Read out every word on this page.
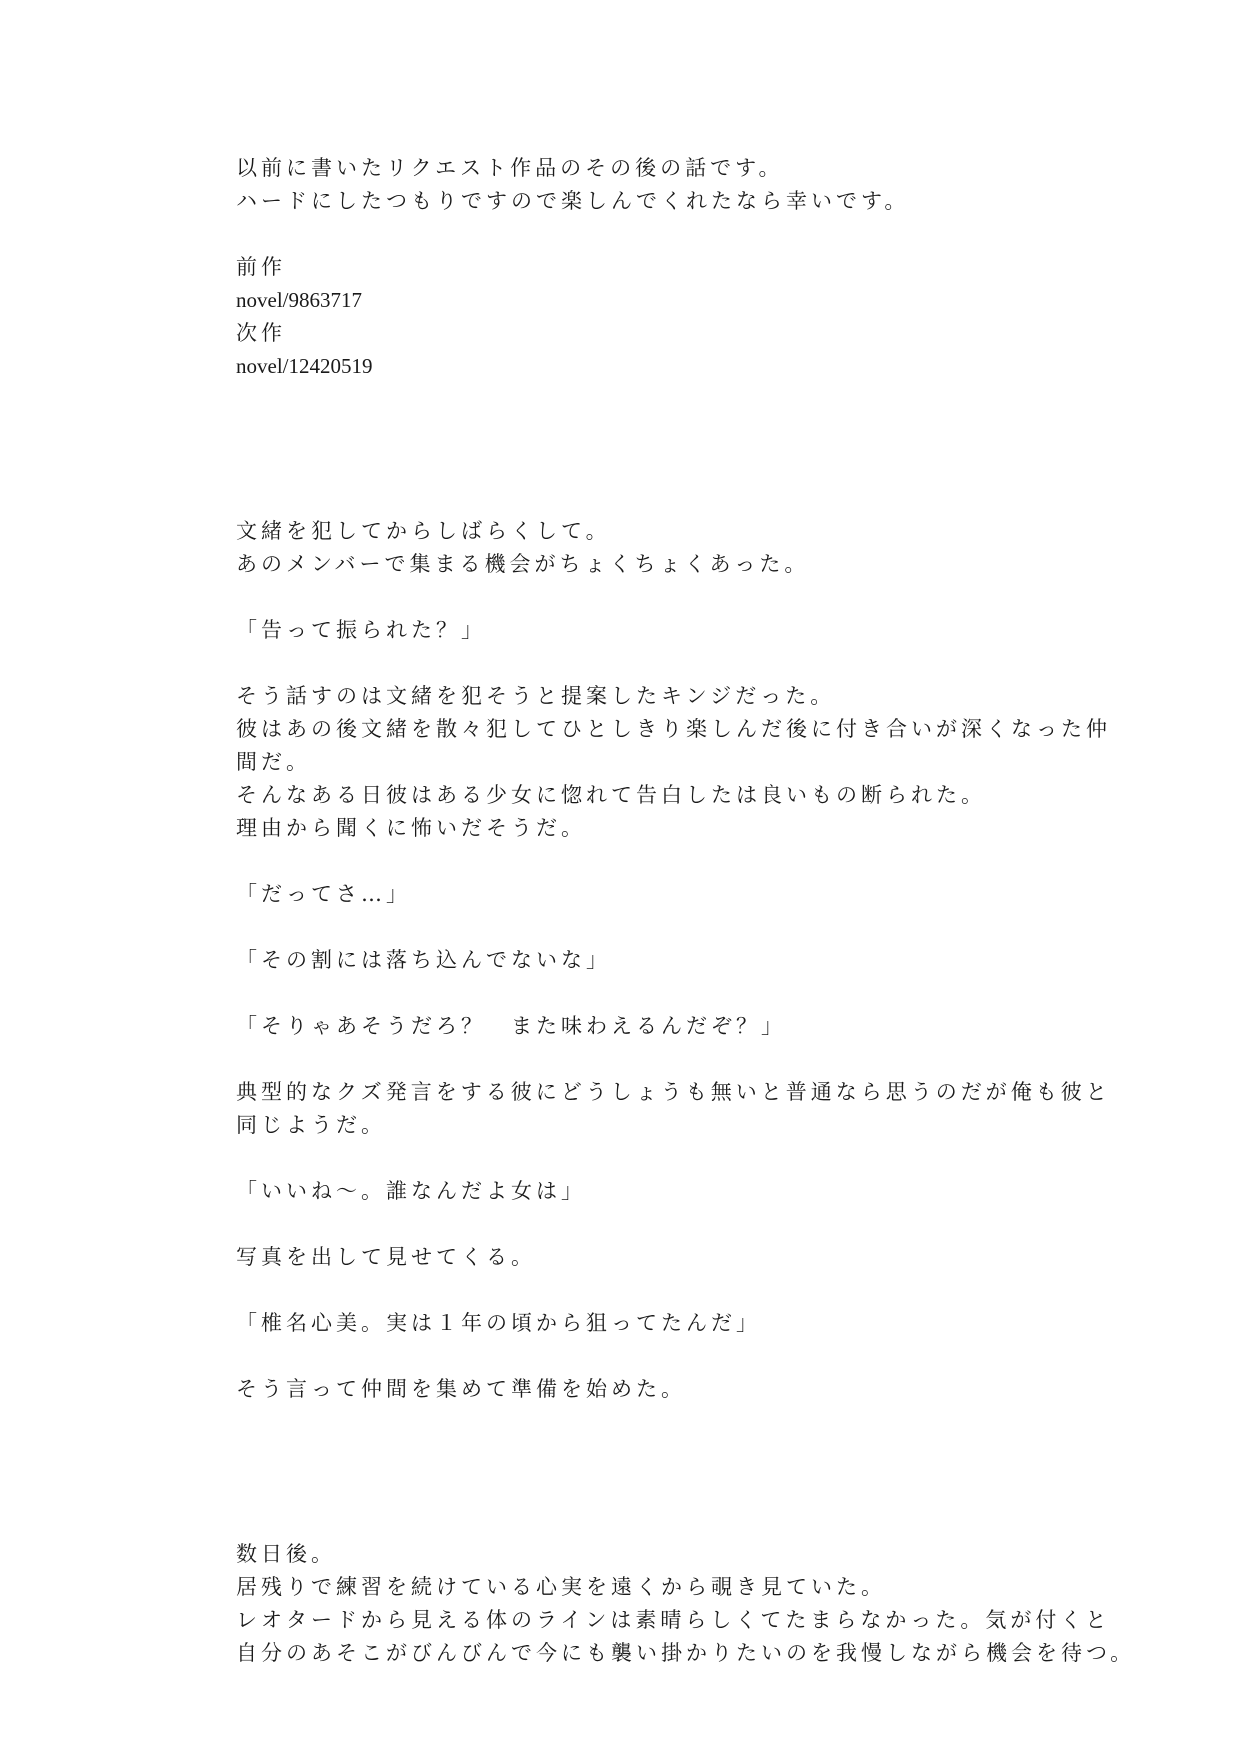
以前に書いたリクエスト作品のその後の話です。
ハードにしたつもりですので楽しんでくれたなら幸いです。
前作
novel/9863717
次作
novel/12420519
文緒を犯してからしばらくして。
あのメンバーで集まる機会がちょくちょくあった。
「告って振られた？」
そう話すのは文緒を犯そうと提案したキンジだった。
彼はあの後文緒を散々犯してひとしきり楽しんだ後に付き合いが深くなった仲
間だ。
そんなある日彼はある少女に惚れて告白したは良いもの断られた。
理由から聞くに怖いだそうだ。
「だってさ…」
「その割には落ち込んでないな」
「そりゃあそうだろ？　また味わえるんだぞ？」
典型的なクズ発言をする彼にどうしょうも無いと普通なら思うのだが俺も彼と
同じようだ。
「いいね〜。誰なんだよ女は」
写真を出して見せてくる。
「椎名心美。実は１年の頃から狙ってたんだ」
そう言って仲間を集めて準備を始めた。
数日後。
居残りで練習を続けている心実を遠くから覗き見ていた。
レオタードから見える体のラインは素晴らしくてたまらなかった。気が付くと
自分のあそこがびんびんで今にも襲い掛かりたいのを我慢しながら機会を待つ。
